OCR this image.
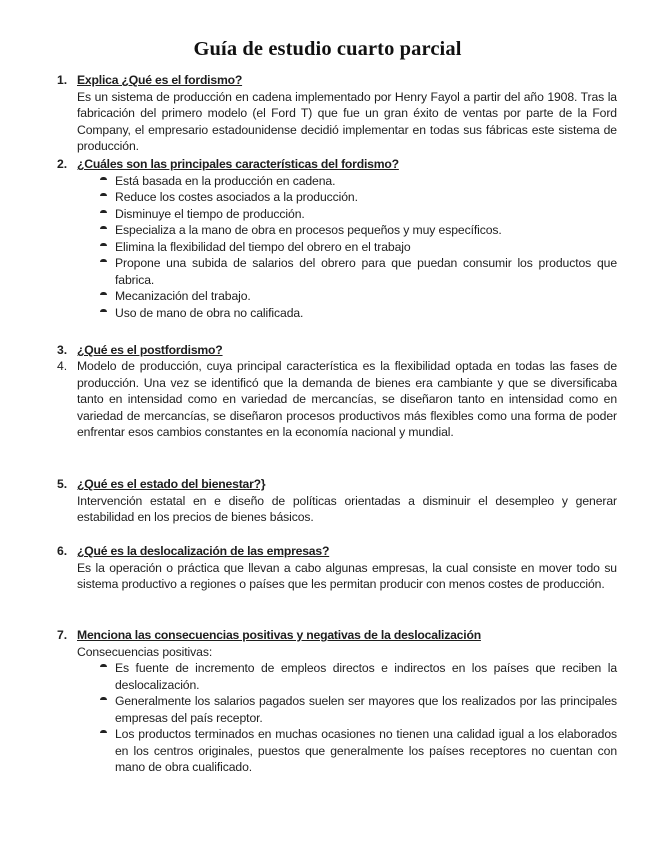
Guía de estudio cuarto parcial
1. Explica ¿Qué es el fordismo?
Es un sistema de producción en cadena implementado por Henry Fayol a partir del año 1908. Tras la fabricación del primero modelo (el Ford T) que fue un gran éxito de ventas por parte de la Ford Company, el empresario estadounidense decidió implementar en todas sus fábricas este sistema de producción.
2. ¿Cuáles son las principales características del fordismo?
Está basada en la producción en cadena.
Reduce los costes asociados a la producción.
Disminuye el tiempo de producción.
Especializa a la mano de obra en procesos pequeños y muy específicos.
Elimina la flexibilidad del tiempo del obrero en el trabajo
Propone una subida de salarios del obrero para que puedan consumir los productos que fabrica.
Mecanización del trabajo.
Uso de mano de obra no calificada.
3. ¿Qué es el postfordismo?
4. Modelo de producción, cuya principal característica es la flexibilidad optada en todas las fases de producción. Una vez se identificó que la demanda de bienes era cambiante y que se diversificaba tanto en intensidad como en variedad de mercancías, se diseñaron tanto en intensidad como en variedad de mercancías, se diseñaron procesos productivos más flexibles como una forma de poder enfrentar esos cambios constantes en la economía nacional y mundial.
5. ¿Qué es el estado del bienestar?}
Intervención estatal en e diseño de políticas orientadas a disminuir el desempleo y generar estabilidad en los precios de bienes básicos.
6. ¿Qué es la deslocalización de las empresas?
Es la operación o práctica que llevan a cabo algunas empresas, la cual consiste en mover todo su sistema productivo a regiones o países que les permitan producir con menos costes de producción.
7. Menciona las consecuencias positivas y negativas de la deslocalización
Consecuencias positivas:
Es fuente de incremento de empleos directos e indirectos en los países que reciben la deslocalización.
Generalmente los salarios pagados suelen ser mayores que los realizados por las principales empresas del país receptor.
Los productos terminados en muchas ocasiones no tienen una calidad igual a los elaborados en los centros originales, puestos que generalmente los países receptores no cuentan con mano de obra cualificado.
